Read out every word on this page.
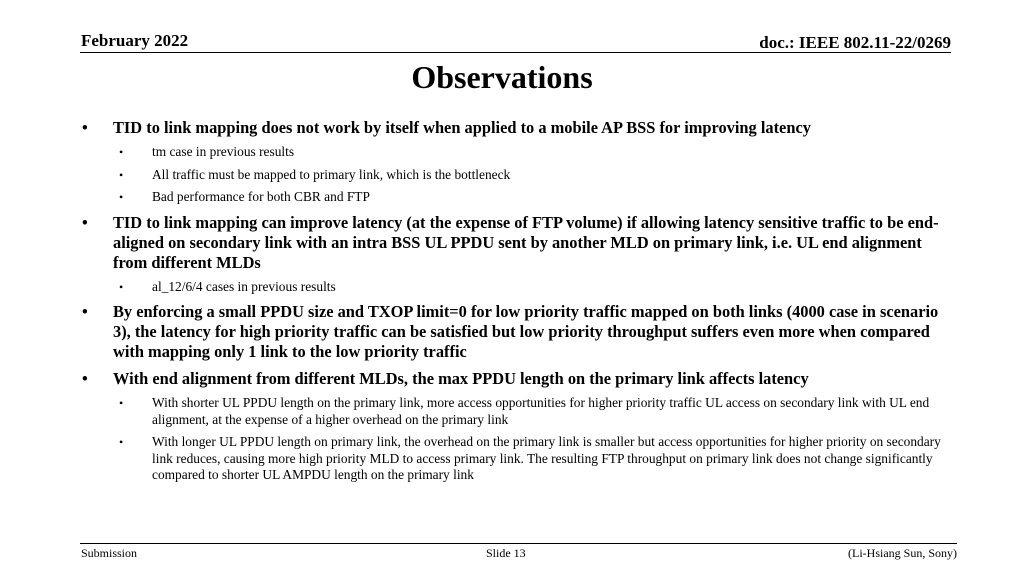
February 2022	doc.: IEEE 802.11-22/0269
Observations
• TID to link mapping does not work by itself when applied to a mobile AP BSS for improving latency
• tm case in previous results
• All traffic must be mapped to primary link, which is the bottleneck
• Bad performance for both CBR and FTP
• TID to link mapping can improve latency (at the expense of FTP volume) if allowing latency sensitive traffic to be end-aligned on secondary link with an intra BSS UL PPDU sent by another MLD on primary link, i.e. UL end alignment from different MLDs
• al_12/6/4 cases in previous results
• By enforcing a small PPDU size and TXOP limit=0 for low priority traffic mapped on both links (4000 case in scenario 3), the latency for high priority traffic can be satisfied but low priority throughput suffers even more when compared with mapping only 1 link to the low priority traffic
• With end alignment from different MLDs, the max PPDU length on the primary link affects latency
• With shorter UL PPDU length on the primary link, more access opportunities for higher priority traffic UL access on secondary link with UL end alignment, at the expense of a higher overhead on the primary link
• With longer UL PPDU length on primary link, the overhead on the primary link is smaller but access opportunities for higher priority on secondary link reduces, causing more high priority MLD to access primary link. The resulting FTP throughput on primary link does not change significantly compared to shorter UL AMPDU length on the primary link
Submission	Slide 13	(Li-Hsiang Sun, Sony)
